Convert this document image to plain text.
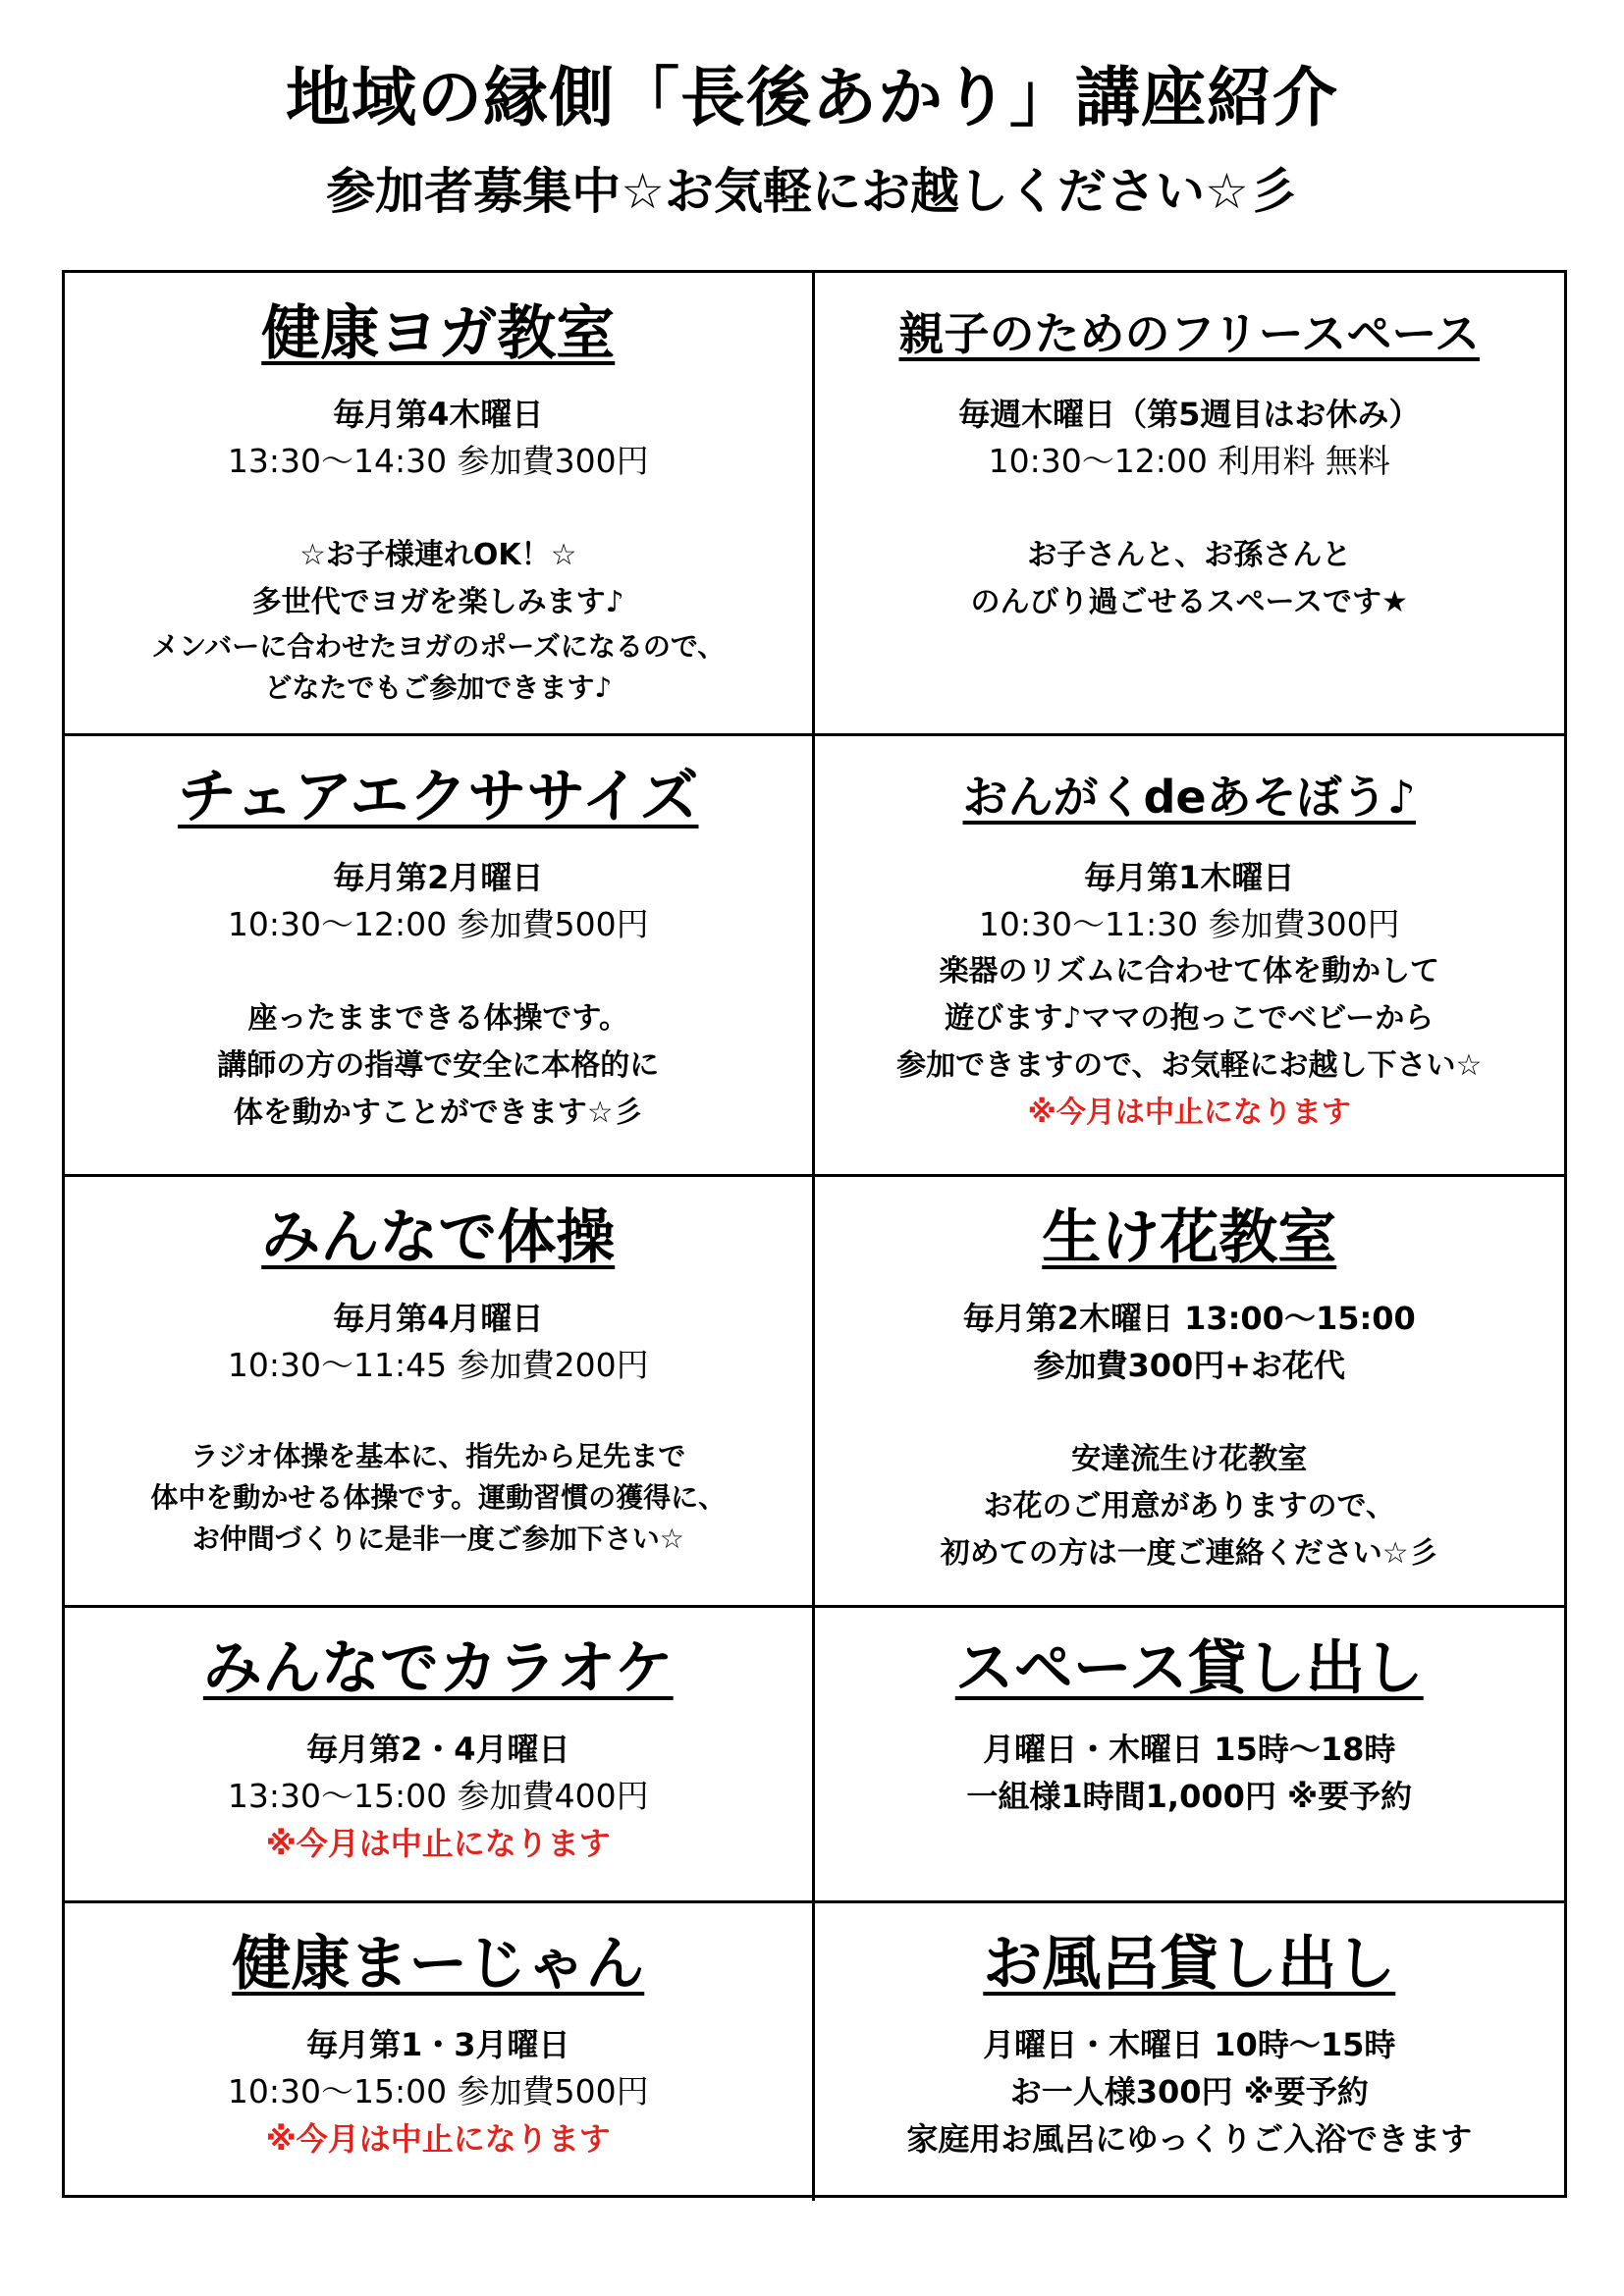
地域の縁側「長後あかり」講座紹介
参加者募集中☆お気軽にお越しください☆彡
健康ヨガ教室
毎月第4木曜日
13:30～14:30 参加費300円
☆お子様連れOK！☆
多世代でヨガを楽しみます♪
メンバーに合わせたヨガのポーズになるので、
どなたでもご参加できます♪
親子のためのフリースペース
毎週木曜日（第5週目はお休み）
10:30～12:00 利用料 無料
お子さんと、お孫さんと
のんびり過ごせるスペースです★
チェアエクササイズ
毎月第2月曜日
10:30～12:00 参加費500円
座ったままできる体操です。
講師の方の指導で安全に本格的に
体を動かすことができます☆彡
おんがくdeあそぼう♪
毎月第1木曜日
10:30～11:30 参加費300円
楽器のリズムに合わせて体を動かして
遊びます♪ママの抱っこでベビーから
参加できますので、お気軽にお越し下さい☆
※今月は中止になります
みんなで体操
毎月第4月曜日
10:30～11:45 参加費200円
ラジオ体操を基本に、指先から足先まで
体中を動かせる体操です。運動習慣の獲得に、
お仲間づくりに是非一度ご参加下さい☆
生け花教室
毎月第2木曜日 13:00～15:00
参加費300円+お花代
安達流生け花教室
お花のご用意がありますので、
初めての方は一度ご連絡ください☆彡
みんなでカラオケ
毎月第2・4月曜日
13:30～15:00 参加費400円
※今月は中止になります
スペース貸し出し
月曜日・木曜日 15時～18時
一組様1時間1,000円 ※要予約
健康まーじゃん
毎月第1・3月曜日
10:30～15:00 参加費500円
※今月は中止になります
お風呂貸し出し
月曜日・木曜日 10時～15時
お一人様300円 ※要予約
家庭用お風呂にゆっくりご入浴できます
